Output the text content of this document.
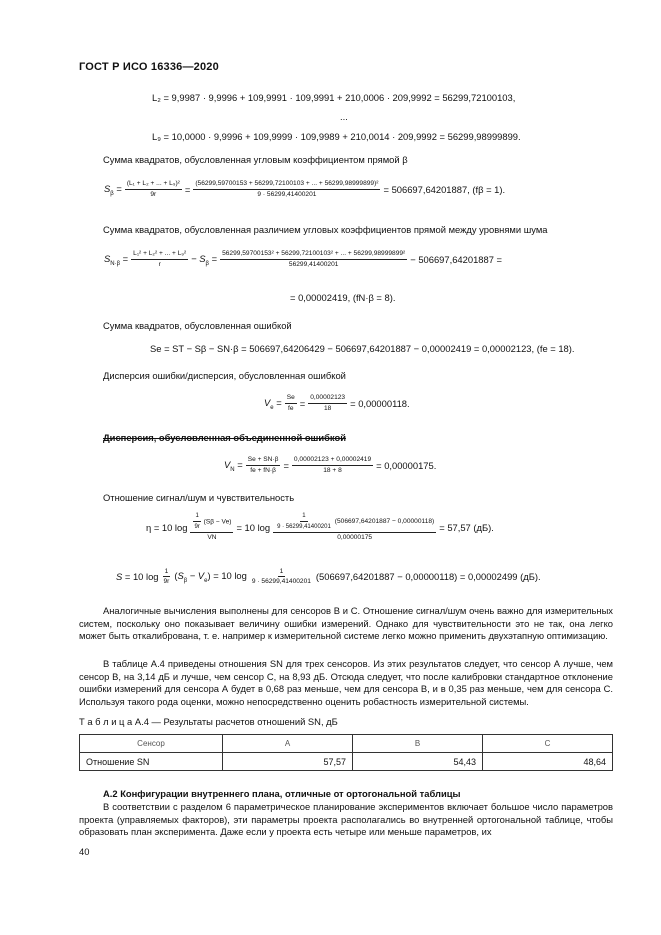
ГОСТ Р ИСО 16336—2020
L₂ = 9,9987 · 9,9996 + 109,9991 · 109,9991 + 210,0006 · 209,9992 = 56299,72100103,
...
L₉ = 10,0000 · 9,9996 + 109,9999 · 109,9989 + 210,0014 · 209,9992 = 56299,98999899.
Сумма квадратов, обусловленная угловым коэффициентом прямой β
$S_\beta = \frac{\text{(L₁ + L₂ + ... + L₉)²}}{9r} = \frac{\text{(56299,59700153 + 56299,72100103 + ... + 56299,98999899)²}}{9 \cdot 56299,41400201} = 506697,64201887$, (fβ = 1).
Сумма квадратов, обусловленная различием угловых коэффициентов прямой между уровнями шума
$S_{N\cdot\beta} = \frac{\text{L₁² + L₂² + ... + L₉²}}{r} - S_\beta = \frac{\text{56299,59700153² + 56299,72100103² + ... + 56299,98999899²}}{56299,41400201} - 506697,64201887$ =
= 0,00002419, (fN·β = 8).
Сумма квадратов, обусловленная ошибкой
Se = ST − Sβ − SN·β = 506697,64206429 − 506697,64201887 − 0,00002419 = 0,00002123, (fe = 18).
Дисперсия ошибки/дисперсия, обусловленная ошибкой
$V_e = \frac{Se}{fe} = \frac{0,00002123}{18} = 0,00000118$.
Дисперсия, обусловленная объединенной ошибкой
$V_N = \frac{Se + SN\cdot\beta}{fe + fN\cdot\beta} = \frac{0,00002123 + 0,00002419}{18 + 8} = 0,00000175$.
Отношение сигнал/шум и чувствительность
η = 10 $\log \frac{\frac{1}{9r} (S\beta - Ve)}{VN} = 10$ $\log \frac{1}{9 \cdot 56299,41400201} (506697,64201887 - 0,00000118)$
0,00000175
= 57,57 (дБ).
S = 10 $\log \frac{1}{9r} (S_\beta - V_e) = 10$ $\log \frac{1}{9 \cdot 56299,41400201} (506697,64201887 - 0,00000118) = 0,00002499$ (дБ).
Аналогичные вычисления выполнены для сенсоров B и C. Отношение сигнал/шум очень важно для измерительных систем, поскольку оно показывает величину ошибки измерений. Однако для чувствительности это не так, она легко может быть откалибрована, т. е. например к измерительной системе легко можно применить двухэтапную оптимизацию.
В таблице А.4 приведены отношения SN для трех сенсоров. Из этих результатов следует, что сенсор А лучше, чем сенсор B, на 3,14 дБ и лучше, чем сенсор C, на 8,93 дБ. Отсюда следует, что после калибровки стандартное отклонение ошибки измерений для сенсора А будет в 0,68 раз меньше, чем для сенсора B, и в 0,35 раз меньше, чем для сенсора C. Используя такого рода оценки, можно непосредственно оценить робастность измерительной системы.
Т а б л и ц а А.4 — Результаты расчетов отношений SN, дБ
Сенсор	A	B	C
Отношение SN	57,57	54,43	48,64
А.2 Конфигурации внутреннего плана, отличные от ортогональной таблицы
В соответствии с разделом 6 параметрическое планирование экспериментов включает большое число параметров проекта (управляемых факторов), эти параметры проекта располагались во внутренней ортогональной таблице, чтобы образовать план эксперимента. Даже если у проекта есть четыре или меньше параметров, их
40
